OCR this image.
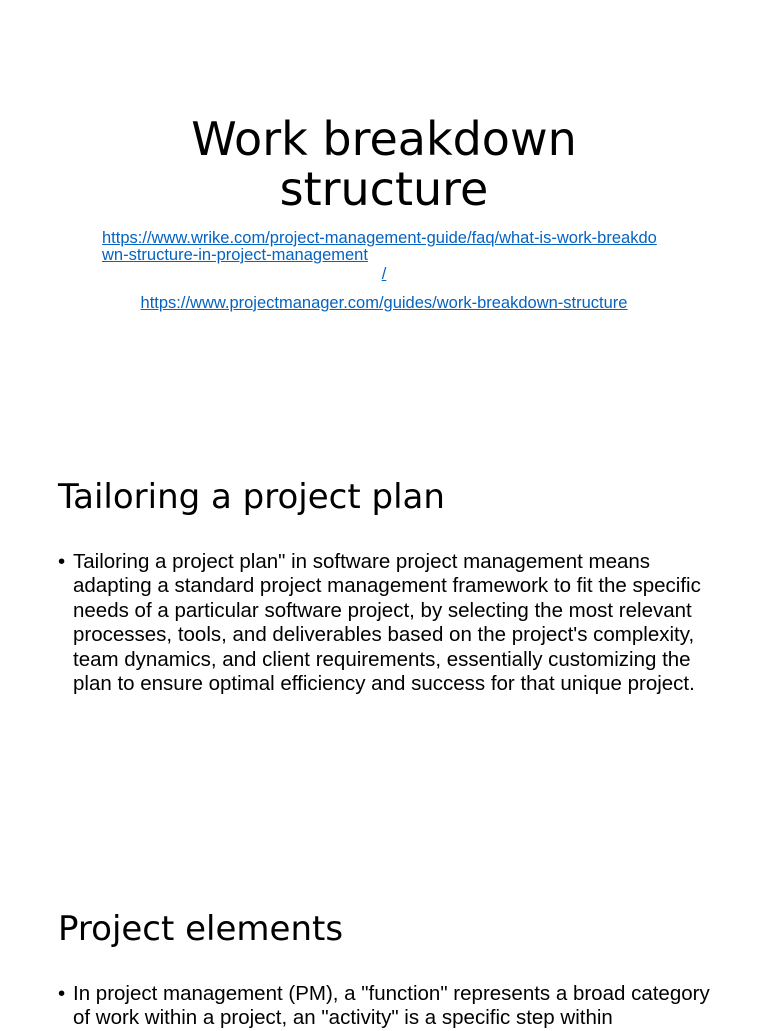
Work breakdown structure
https://www.wrike.com/project-management-guide/faq/what-is-work-breakdown-structure-in-project-management
/
https://www.projectmanager.com/guides/work-breakdown-structure
Tailoring a project plan
• Tailoring a project plan" in software project management means adapting a standard project management framework to fit the specific needs of a particular software project, by selecting the most relevant processes, tools, and deliverables based on the project's complexity, team dynamics, and client requirements, essentially customizing the plan to ensure optimal efficiency and success for that unique project.
Project elements
• In project management (PM), a "function" represents a broad category of work within a project, an "activity" is a specific step within
